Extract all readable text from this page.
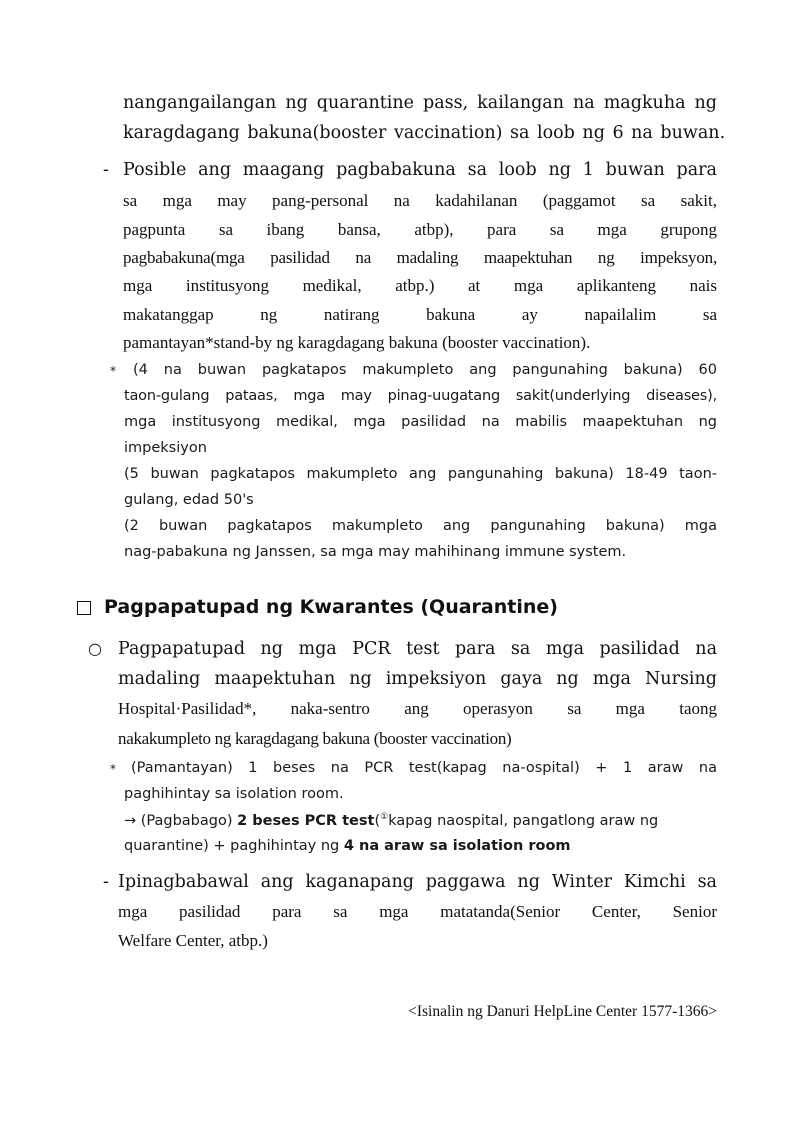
nangangailangan ng quarantine pass, kailangan na magkuha ng
karagdagang bakuna(booster vaccination) sa loob ng 6 na buwan.
- Posible ang maagang pagbabakuna sa loob ng 1 buwan para
sa mga may pang-personal na kadahilanan (paggamot sa sakit,
pagpunta sa ibang bansa, atbp), para sa mga grupong
pagbabakuna(mga pasilidad na madaling maapektuhan ng impeksyon,
mga institusyong medikal, atbp.) at mga aplikanteng nais
makatanggap ng natirang bakuna ay napailalim sa
pamantayan*stand-by ng karagdagang bakuna (booster vaccination).
* (4 na buwan pagkatapos makumpleto ang pangunahing bakuna) 60
taon-gulang pataas, mga may pinag-uugatang sakit(underlying diseases),
mga institusyong medikal, mga pasilidad na mabilis maapektuhan ng
impeksiyon
(5 buwan pagkatapos makumpleto ang pangunahing bakuna) 18-49 taon-
gulang, edad 50's
(2 buwan pagkatapos makumpleto ang pangunahing bakuna) mga
nag-pabakuna ng Janssen, sa mga may mahihinang immune system.
Pagpapatupad ng Kwarantes (Quarantine)
○ Pagpapatupad ng mga PCR test para sa mga pasilidad na
madaling maapektuhan ng impeksiyon gaya ng mga Nursing
Hospital·Pasilidad*, naka-sentro ang operasyon sa mga taong
nakakumpleto ng karagdagang bakuna (booster vaccination)
* (Pamantayan) 1 beses na PCR test(kapag na-ospital) + 1 araw na
paghihintay sa isolation room.
→ (Pagbabago) 2 beses PCR test(①kapag naospital, pangatlong araw ng
quarantine) + paghihintay ng 4 na araw sa isolation room
- Ipinagbabawal ang kaganapang paggawa ng Winter Kimchi sa
mga pasilidad para sa mga matatanda(Senior Center, Senior
Welfare Center, atbp.)
<Isinalin ng Danuri HelpLine Center 1577-1366>
